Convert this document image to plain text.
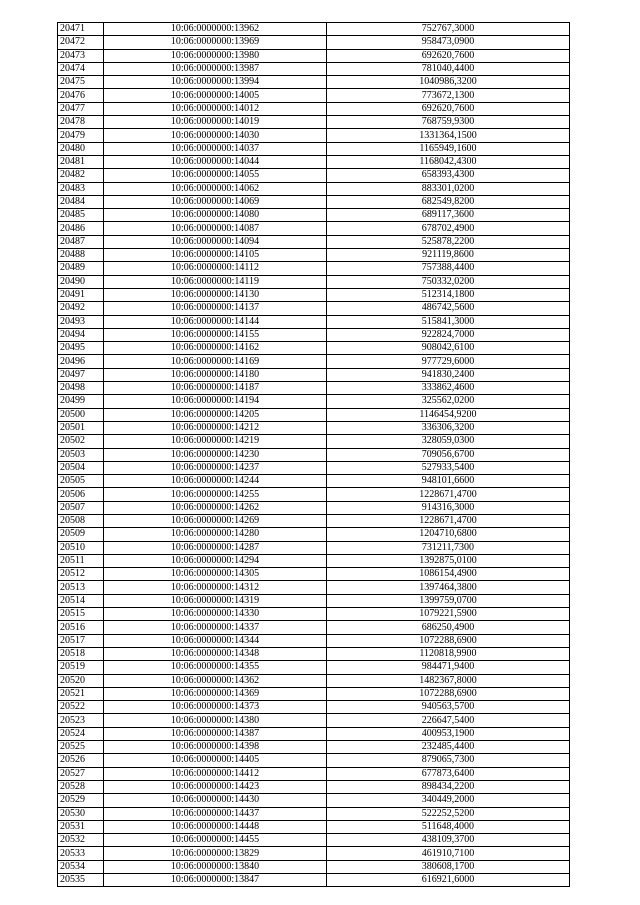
20471	10:06:0000000:13962	752767,3000
20472	10:06:0000000:13969	958473,0900
20473	10:06:0000000:13980	692620,7600
20474	10:06:0000000:13987	781040,4400
20475	10:06:0000000:13994	1040986,3200
20476	10:06:0000000:14005	773672,1300
20477	10:06:0000000:14012	692620,7600
20478	10:06:0000000:14019	768759,9300
20479	10:06:0000000:14030	1331364,1500
20480	10:06:0000000:14037	1165949,1600
20481	10:06:0000000:14044	1168042,4300
20482	10:06:0000000:14055	658393,4300
20483	10:06:0000000:14062	883301,0200
20484	10:06:0000000:14069	682549,8200
20485	10:06:0000000:14080	689117,3600
20486	10:06:0000000:14087	678702,4900
20487	10:06:0000000:14094	525878,2200
20488	10:06:0000000:14105	921119,8600
20489	10:06:0000000:14112	757388,4400
20490	10:06:0000000:14119	750332,0200
20491	10:06:0000000:14130	512314,1800
20492	10:06:0000000:14137	486742,5600
20493	10:06:0000000:14144	515841,3000
20494	10:06:0000000:14155	922824,7000
20495	10:06:0000000:14162	908042,6100
20496	10:06:0000000:14169	977729,6000
20497	10:06:0000000:14180	941830,2400
20498	10:06:0000000:14187	333862,4600
20499	10:06:0000000:14194	325562,0200
20500	10:06:0000000:14205	1146454,9200
20501	10:06:0000000:14212	336306,3200
20502	10:06:0000000:14219	328059,0300
20503	10:06:0000000:14230	709056,6700
20504	10:06:0000000:14237	527933,5400
20505	10:06:0000000:14244	948101,6600
20506	10:06:0000000:14255	1228671,4700
20507	10:06:0000000:14262	914316,3000
20508	10:06:0000000:14269	1228671,4700
20509	10:06:0000000:14280	1204710,6800
20510	10:06:0000000:14287	731211,7300
20511	10:06:0000000:14294	1392875,0100
20512	10:06:0000000:14305	1086154,4900
20513	10:06:0000000:14312	1397464,3800
20514	10:06:0000000:14319	1399759,0700
20515	10:06:0000000:14330	1079221,5900
20516	10:06:0000000:14337	686250,4900
20517	10:06:0000000:14344	1072288,6900
20518	10:06:0000000:14348	1120818,9900
20519	10:06:0000000:14355	984471,9400
20520	10:06:0000000:14362	1482367,8000
20521	10:06:0000000:14369	1072288,6900
20522	10:06:0000000:14373	940563,5700
20523	10:06:0000000:14380	226647,5400
20524	10:06:0000000:14387	400953,1900
20525	10:06:0000000:14398	232485,4400
20526	10:06:0000000:14405	879065,7300
20527	10:06:0000000:14412	677873,6400
20528	10:06:0000000:14423	898434,2200
20529	10:06:0000000:14430	340449,2000
20530	10:06:0000000:14437	522252,5200
20531	10:06:0000000:14448	511648,4000
20532	10:06:0000000:14455	438109,3700
20533	10:06:0000000:13829	461910,7100
20534	10:06:0000000:13840	380608,1700
20535	10:06:0000000:13847	616921,6000
